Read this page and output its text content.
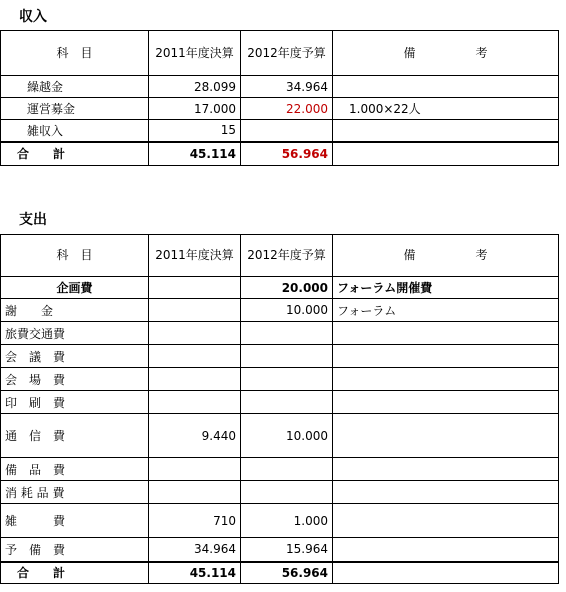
収入
科　目	2011年度決算	2012年度予算	備　　　　　考
繰越金	28.099	34.964	
運営募金	17.000	22.000	1.000×22人
雑収入	15		
合　　計	45.114	56.964	
支出
科　目	2011年度決算	2012年度予算	備　　　　　考
企画費		20.000	フォーラム開催費
謝　　金		10.000	フォーラム
旅費交通費			
会　議　費			
会　場　費			
印　刷　費			
通　信　費	9.440	10.000	
備　品　費			
消 耗 品 費			
雑　　　費	710	1.000	
予　備　費	34.964	15.964	
合　　計	45.114	56.964	
